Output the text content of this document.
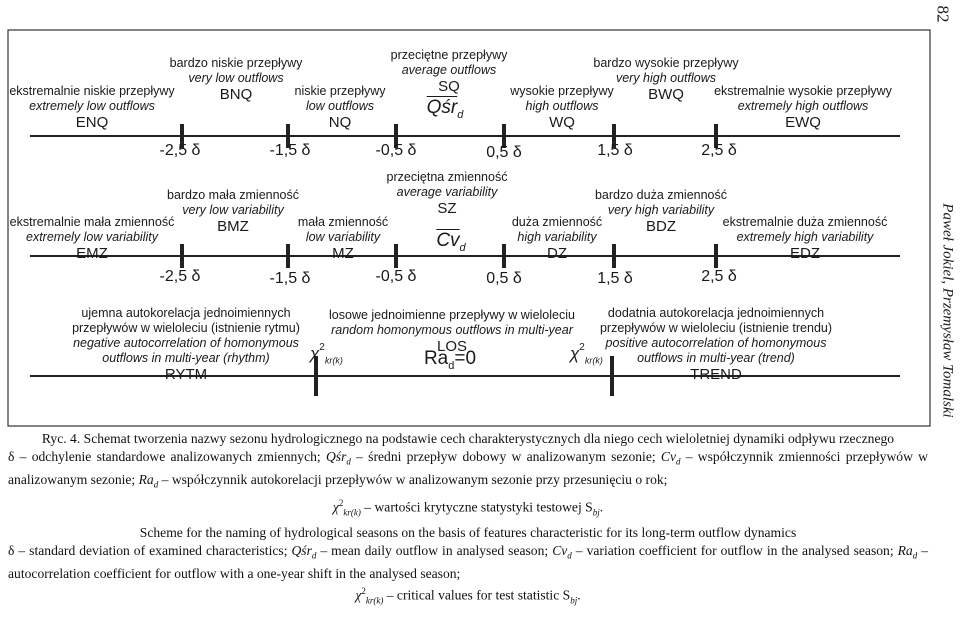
ekstremalnie niskie przepływy
extremely low outflows
ENQ
bardzo niskie przepływy
very low outflows
BNQ	niskie przepływy
low outflows
NQ
przeciętne przepływy
average outflows
SQ
$\overline{Qśr}_d$
wysokie przepływy
high outflows
WQ
bardzo wysokie przepływy
very high outflows
BWQ	ekstremalnie wysokie przepływy
extremely high outflows
EWQ
-2,5 δ	-1,5 δ	-0,5 δ	0,5 δ	1,5 δ	2,5 δ
ekstremalnie mała zmienność
extremely low variability
EMZ
bardzo mała zmienność
very low variability
BMZ	mała zmienność
low variability
MZ
przeciętna zmienność
average variability
SZ
$\overline{Cv}_d$
duża zmienność
high variability
DZ
bardzo duża zmienność
very high variability
BDZ	ekstremalnie duża zmienność
extremely high variability
EDZ
-2,5 δ	-1,5 δ	-0,5 δ	0,5 δ	1,5 δ	2,5 δ
ujemna autokorelacja jednoimiennych
przepływów w wieloleciu (istnienie rytmu)
negative autocorrelation of homonymous
outflows in multi-year (rhythm)
RYTM
losowe jednoimienne przepływy w wieloleciu
random homonymous outflows in multi-year
LOS
$Ra_d=0$
dodatnia autokorelacja jednoimiennych
przepływów w wieloleciu (istnienie trendu)
positive autocorrelation of homonymous
outflows in multi-year (trend)
TREND
$\chi^2_{kr(k)}$	$\chi^2_{kr(k)}$
Ryc. 4. Schemat tworzenia nazwy sezonu hydrologicznego na podstawie cech charakterystycznych dla niego cech wieloletniej dynamiki odpływu rzecznego
δ – odchylenie standardowe analizowanych zmiennych; Qśr$_d$ – średni przepływ dobowy w analizowanym sezonie; $Cv_d$ – współczynnik zmienności przepływów w analizowanym sezonie; $Ra_d$ – współczynnik autokorelacji przepływów w analizowanym sezonie przy przesunięciu o rok;
$\chi^2_{kr(k)}$ – wartości krytyczne statystyki testowej $S_{bj}$.
Scheme for the naming of hydrological seasons on the basis of features characteristic for its long-term outflow dynamics
δ – standard deviation of examined characteristics; Qśr$_d$ – mean daily outflow in analysed season; $Cv_d$ – variation coefficient for outflow in the analysed season; $Ra_d$ – autocorrelation coefficient for outflow with a one-year shift in the analysed season;
$\chi^2_{kr(k)}$ – critical values for test statistic $S_{bj}$.
82
Paweł Jokiel, Przemysław Tomalski
